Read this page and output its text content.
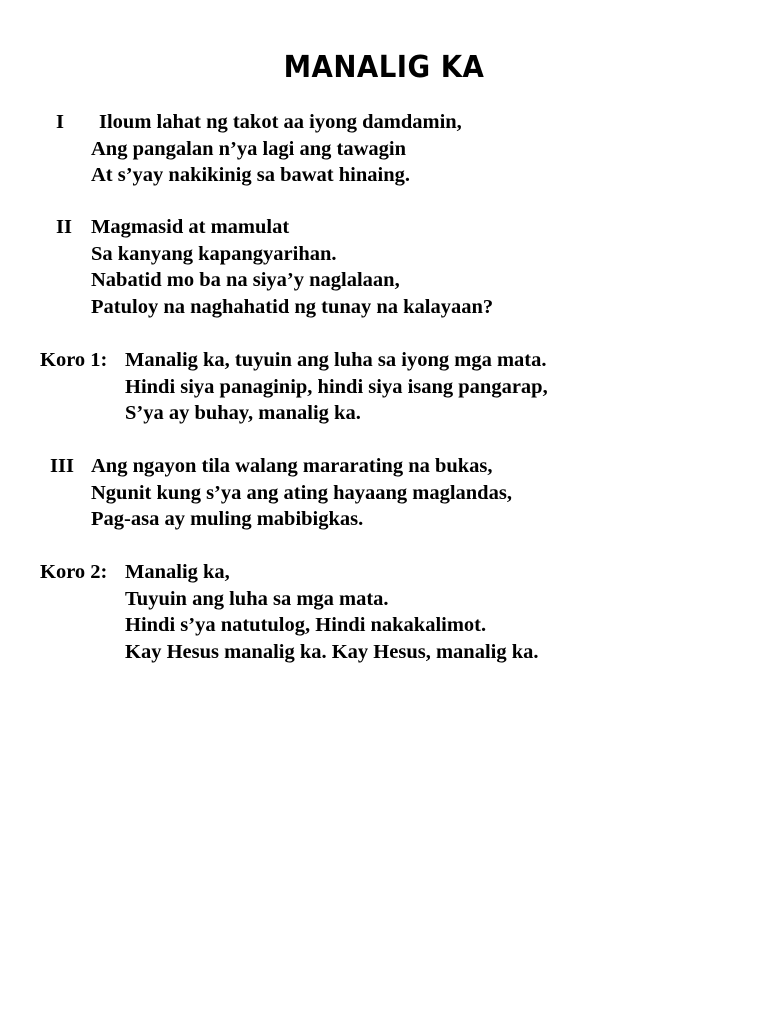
MANALIG KA
I	Iloum lahat ng takot aa iyong damdamin,
Ang pangalan n’ya lagi ang tawagin
At s’yay nakikinig sa bawat hinaing.
II Magmasid at mamulat
Sa kanyang kapangyarihan.
Nabatid mo ba na siya’y naglalaan,
Patuloy na naghahatid ng tunay na kalayaan?
Koro 1: Manalig ka, tuyuin ang luha sa iyong mga mata.
Hindi siya panaginip, hindi siya isang pangarap,
S’ya ay buhay, manalig ka.
III Ang ngayon tila walang mararating na bukas,
Ngunit kung s’ya ang ating hayaang maglandas,
Pag-asa ay muling mabibigkas.
Koro 2: Manalig ka,
Tuyuin ang luha sa mga mata.
Hindi s’ya natutulog, Hindi nakakalimot.
Kay Hesus manalig ka. Kay Hesus, manalig ka.
